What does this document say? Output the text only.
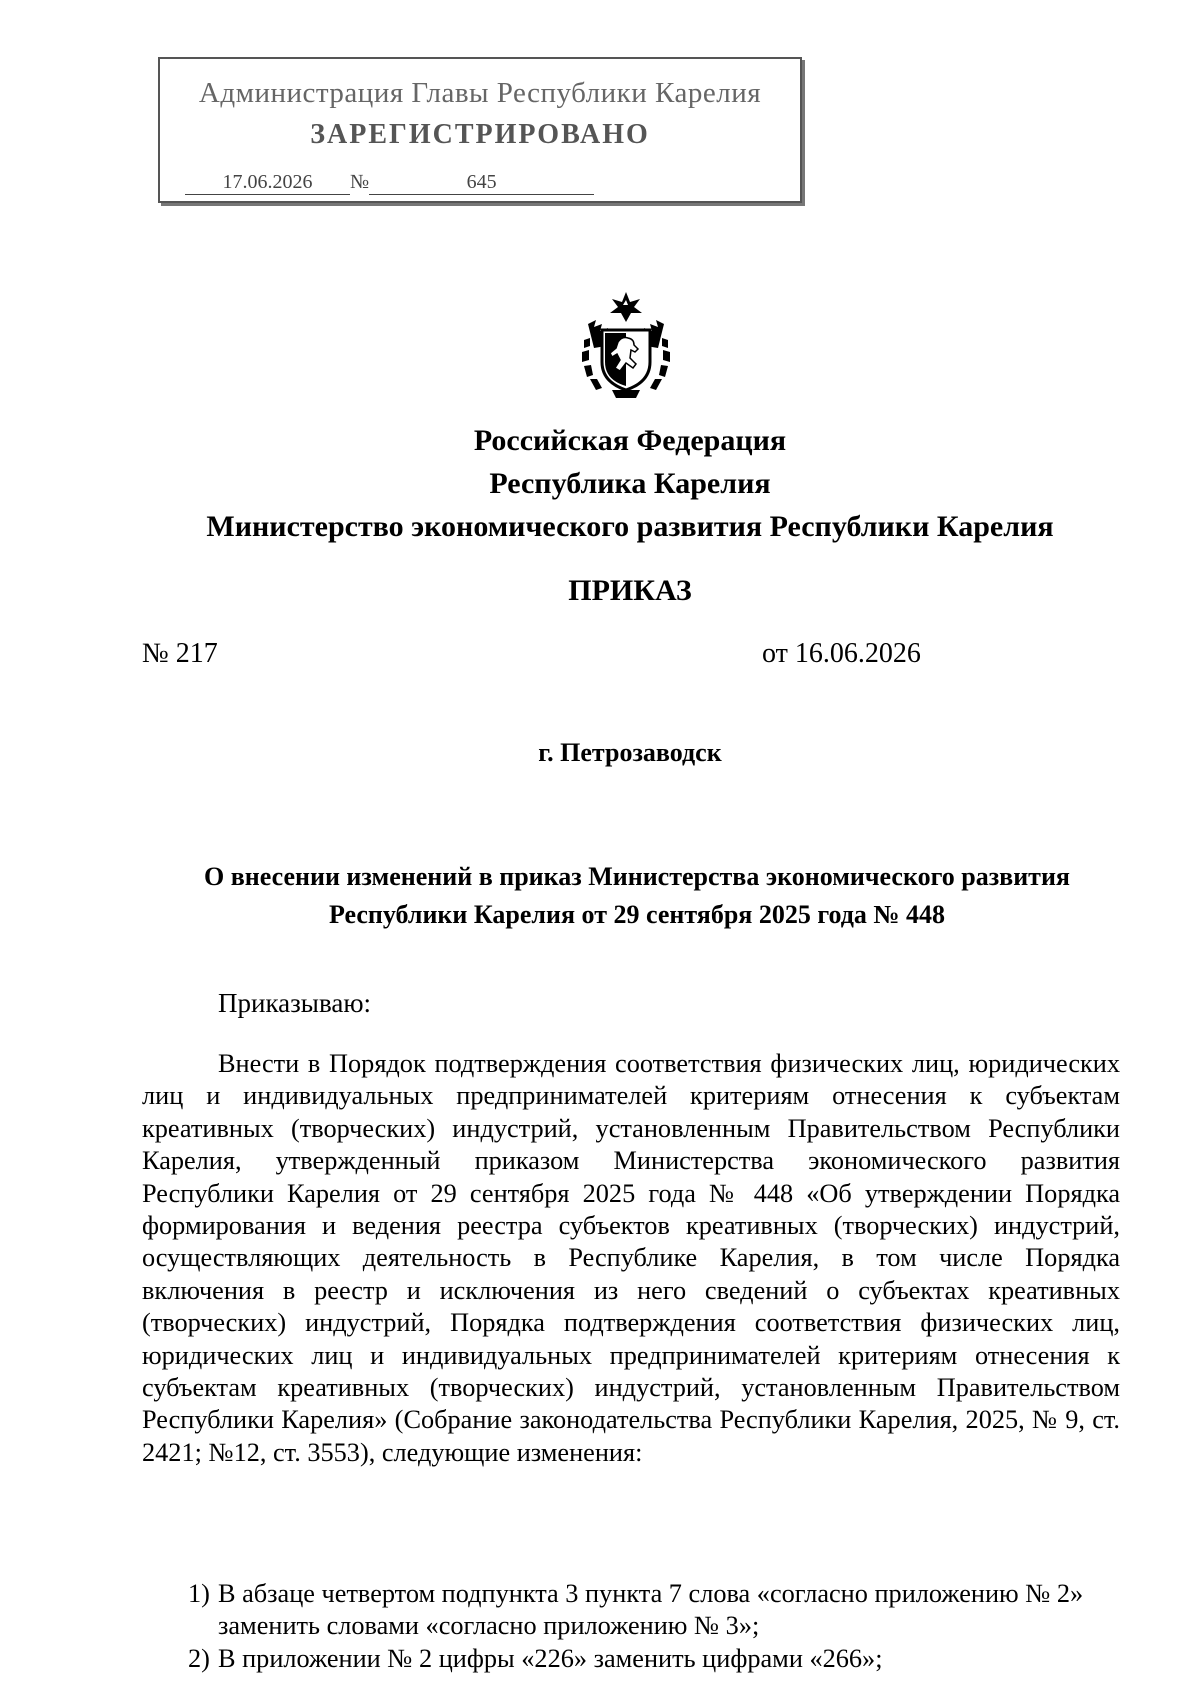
Администрация Главы Республики Карелия
ЗАРЕГИСТРИРОВАНО
17.06.2026 №	645
Российская Федерация
Республика Карелия
Министерство экономического развития Республики Карелия
ПРИКАЗ
№ 217	от 16.06.2026
г. Петрозаводск
О внесении изменений в приказ Министерства экономического развития
Республики Карелия от 29 сентября 2025 года № 448
Приказываю:
Внести в Порядок подтверждения соответствия физических лиц, юридических лиц и индивидуальных предпринимателей критериям отнесения к субъектам креативных (творческих) индустрий, установленным Правительством Республики Карелия, утвержденный приказом Министерства экономического развития Республики Карелия от 29 сентября 2025 года № 448 «Об утверждении Порядка формирования и ведения реестра субъектов креативных (творческих) индустрий, осуществляющих деятельность в Республике Карелия, в том числе Порядка включения в реестр и исключения из него сведений о субъектах креативных (творческих) индустрий, Порядка подтверждения соответствия физических лиц, юридических лиц и индивидуальных предпринимателей критериям отнесения к субъектам креативных (творческих) индустрий, установленным Правительством Республики Карелия» (Собрание законодательства Республики Карелия, 2025, № 9, ст. 2421; №12, ст. 3553), следующие изменения:
1) В абзаце четвертом подпункта 3 пункта 7 слова «согласно приложению № 2» заменить словами «согласно приложению № 3»;
2) В приложении № 2 цифры «226» заменить цифрами «266»;
